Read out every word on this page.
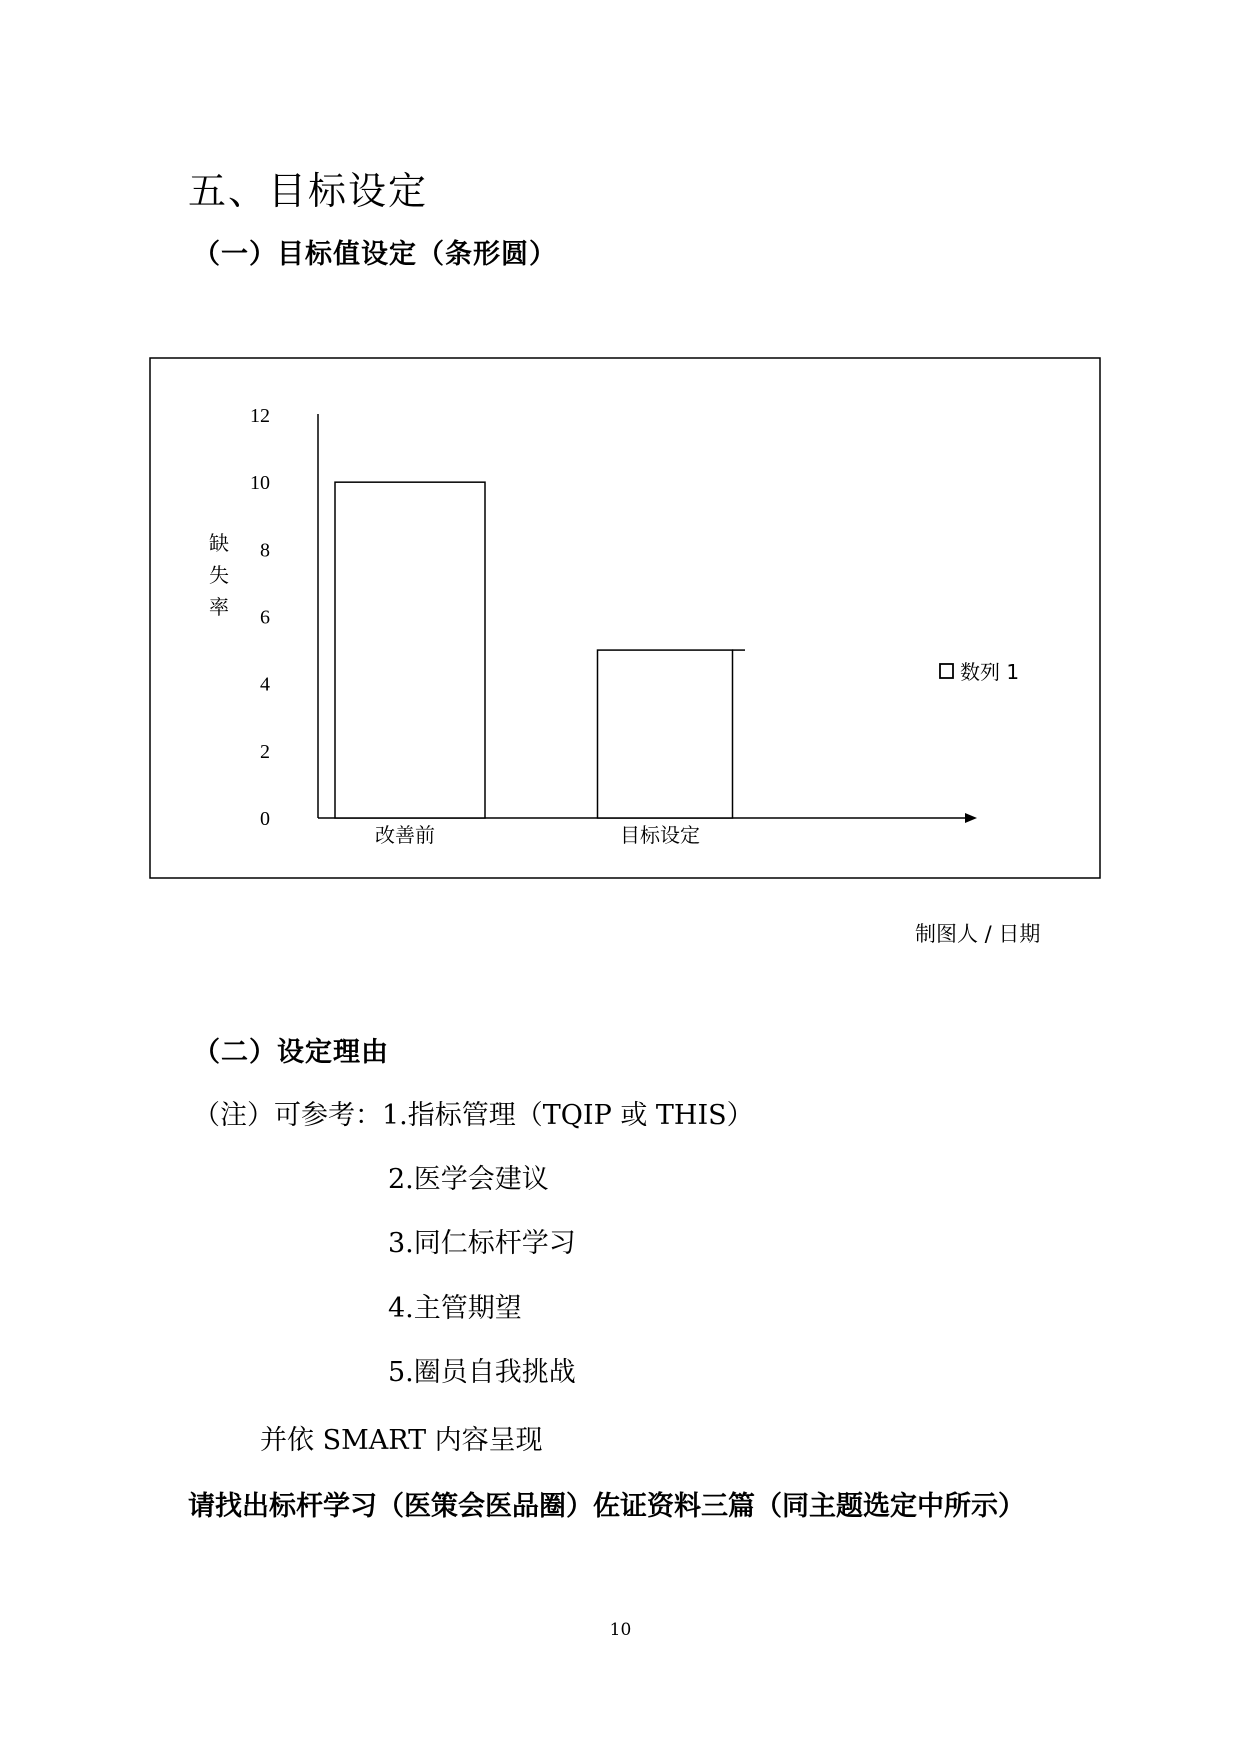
五、目标设定
（一）目标值设定（条形圆）
0
2
4
6
8
10
12
缺
失
率
改善前	目标设定
数列 1
制图人 / 日期
（二）设定理由
（注）可参考：1.指标管理（TQIP 或 THIS）
2.医学会建议
3.同仁标杆学习
4.主管期望
5.圈员自我挑战
并依 SMART 内容呈现
请找出标杆学习（医策会医品圈）佐证资料三篇（同主题选定中所示）
10
